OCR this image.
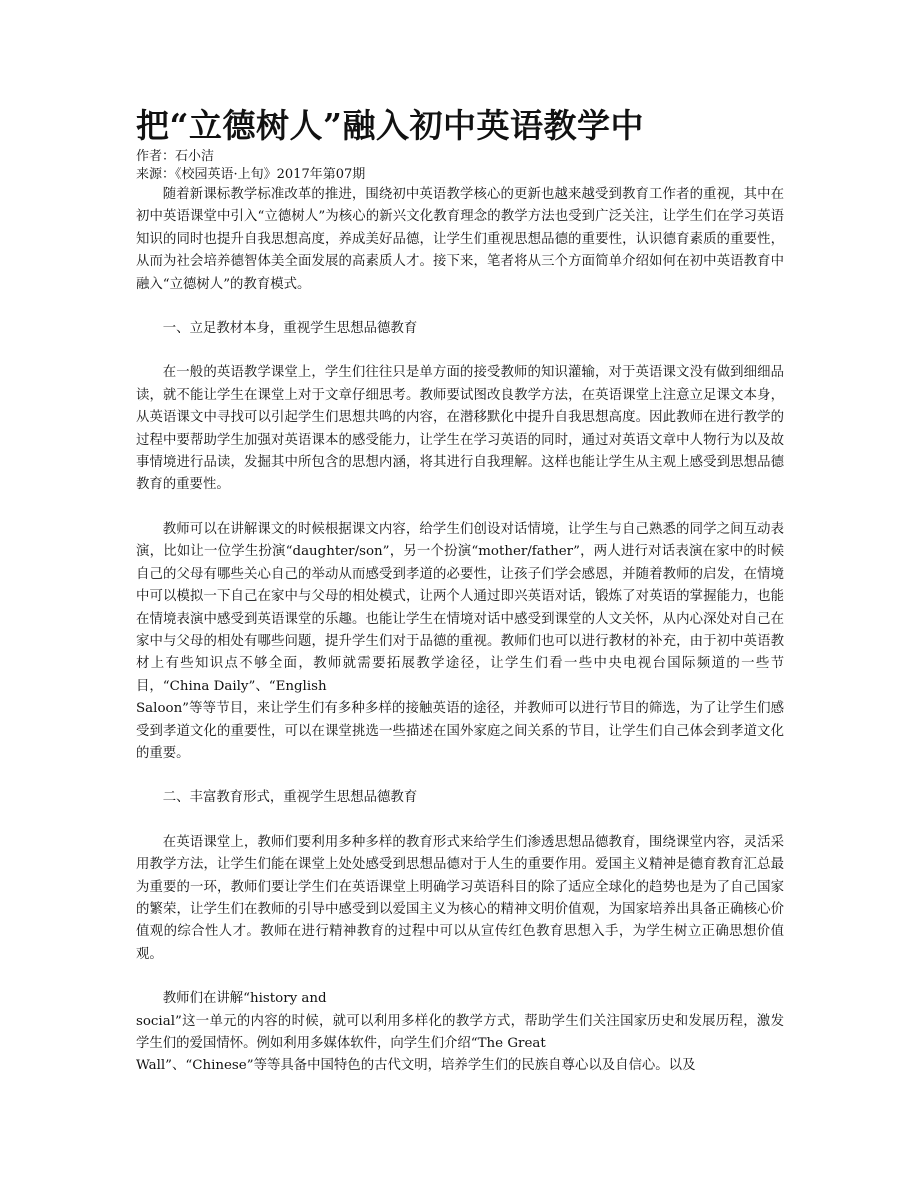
把“立德树人”融入初中英语教学中

作者：石小洁

来源：《校园英语·上旬》2017年第07期

随着新课标教学标准改革的推进，围绕初中英语教学核心的更新也越来越受到教育工作者的重视，其中在初中英语课堂中引入“立德树人”为核心的新兴文化教育理念的教学方法也受到广泛关注，让学生们在学习英语知识的同时也提升自我思想高度，养成美好品德，让学生们重视思想品德的重要性，认识德育素质的重要性，从而为社会培养德智体美全面发展的高素质人才。接下来，笔者将从三个方面简单介绍如何在初中英语教育中融入“立德树人”的教育模式。

一、立足教材本身，重视学生思想品德教育

在一般的英语教学课堂上，学生们往往只是单方面的接受教师的知识灌输，对于英语课文没有做到细细品读，就不能让学生在课堂上对于文章仔细思考。教师要试图改良教学方法，在英语课堂上注意立足课文本身，从英语课文中寻找可以引起学生们思想共鸣的内容，在潜移默化中提升自我思想高度。因此教师在进行教学的过程中要帮助学生加强对英语课本的感受能力，让学生在学习英语的同时，通过对英语文章中人物行为以及故事情境进行品读，发掘其中所包含的思想内涵，将其进行自我理解。这样也能让学生从主观上感受到思想品德教育的重要性。

教师可以在讲解课文的时候根据课文内容，给学生们创设对话情境，让学生与自己熟悉的同学之间互动表演，比如让一位学生扮演“daughter/son”，另一个扮演“mother/father”，两人进行对话表演在家中的时候自己的父母有哪些关心自己的举动从而感受到孝道的必要性，让孩子们学会感恩，并随着教师的启发，在情境中可以模拟一下自己在家中与父母的相处模式，让两个人通过即兴英语对话，锻炼了对英语的掌握能力，也能在情境表演中感受到英语课堂的乐趣。也能让学生在情境对话中感受到课堂的人文关怀，从内心深处对自己在家中与父母的相处有哪些问题，提升学生们对于品德的重视。教师们也可以进行教材的补充，由于初中英语教材上有些知识点不够全面，教师就需要拓展教学途径，让学生们看一些中央电视台国际频道的一些节目，“China Daily”、“English
Saloon”等等节目，来让学生们有多种多样的接触英语的途径，并教师可以进行节目的筛选，为了让学生们感受到孝道文化的重要性，可以在课堂挑选一些描述在国外家庭之间关系的节目，让学生们自己体会到孝道文化的重要。

二、丰富教育形式，重视学生思想品德教育

在英语课堂上，教师们要利用多种多样的教育形式来给学生们渗透思想品德教育，围绕课堂内容，灵活采用教学方法，让学生们能在课堂上处处感受到思想品德对于人生的重要作用。爱国主义精神是德育教育汇总最为重要的一环，教师们要让学生们在英语课堂上明确学习英语科目的除了适应全球化的趋势也是为了自己国家的繁荣，让学生们在教师的引导中感受到以爱国主义为核心的精神文明价值观，为国家培养出具备正确核心价值观的综合性人才。教师在进行精神教育的过程中可以从宣传红色教育思想入手，为学生树立正确思想价值观。

教师们在讲解“history and
social”这一单元的内容的时候，就可以利用多样化的教学方式，帮助学生们关注国家历史和发展历程，激发学生们的爱国情怀。例如利用多媒体软件，向学生们介绍“The Great
Wall”、“Chinese”等等具备中国特色的古代文明，培养学生们的民族自尊心以及自信心。以及
